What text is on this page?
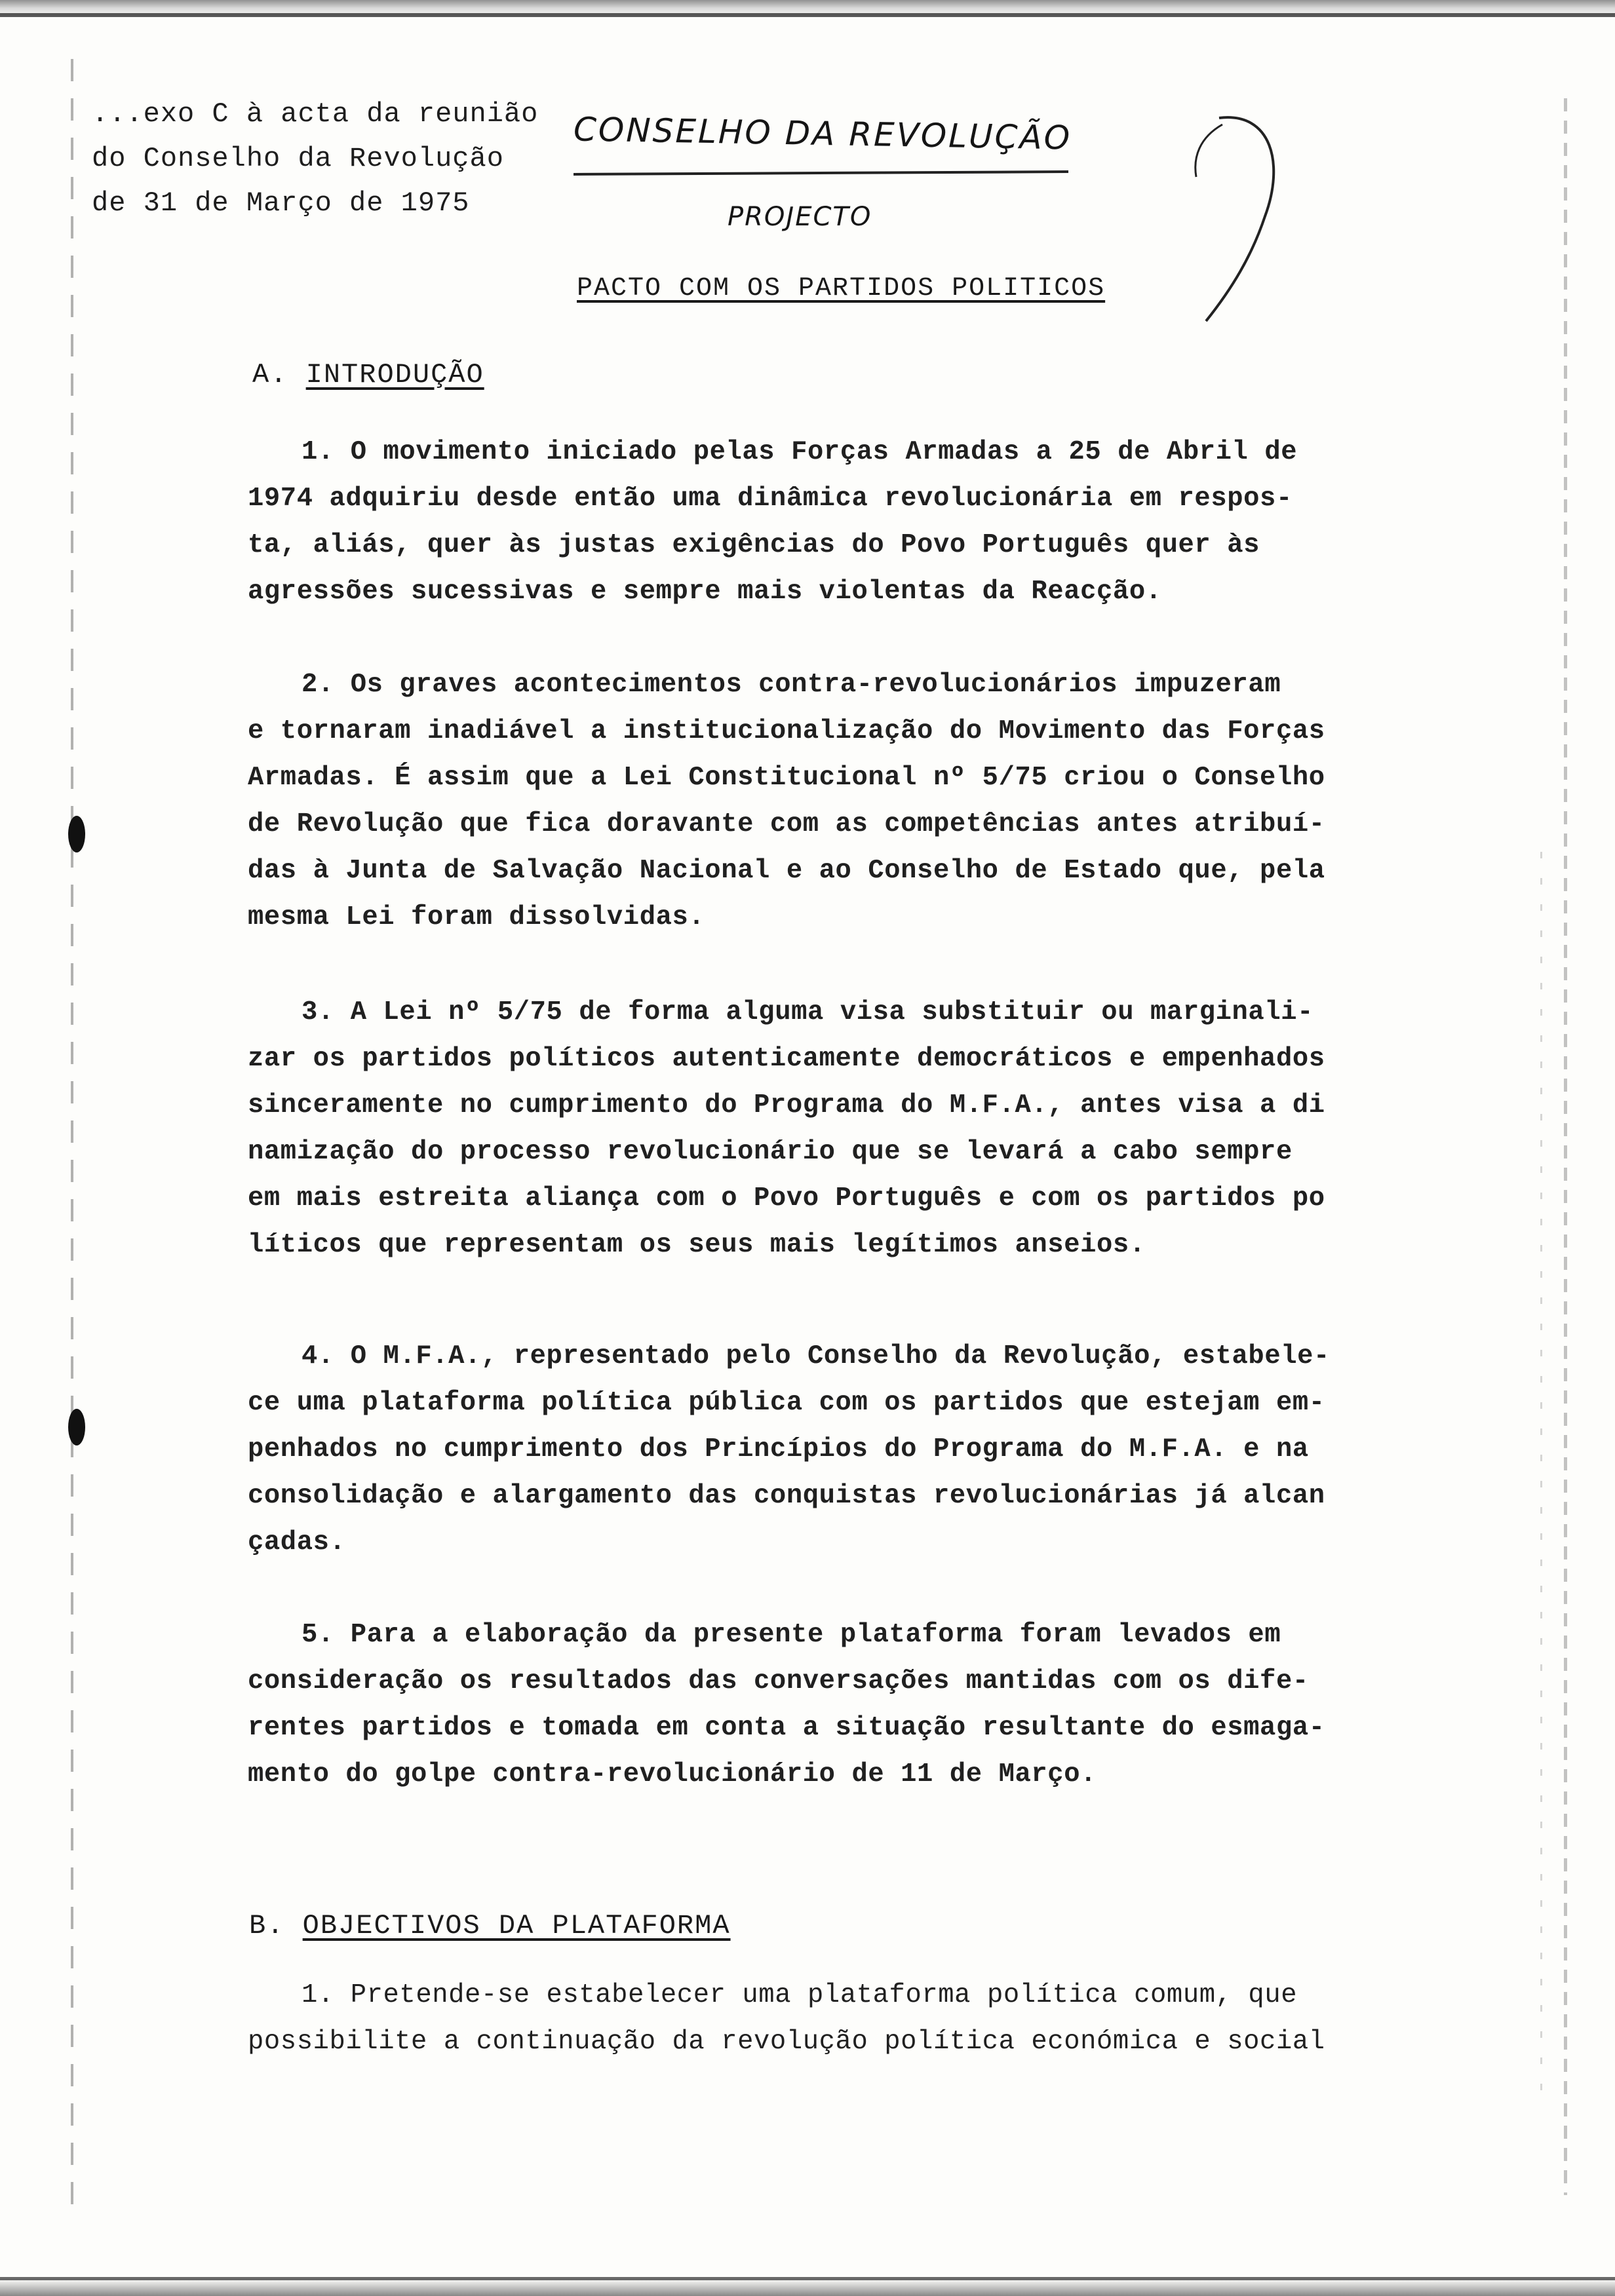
...exo C à acta da reunião
do Conselho da Revolução
de 31 de Março de 1975
CONSELHO DA REVOLUÇÃO
PROJECTO
PACTO COM OS PARTIDOS POLITICOS
A. INTRODUÇÃO
1. O movimento iniciado pelas Forças Armadas a 25 de Abril de
1974 adquiriu desde então uma dinâmica revolucionária em respos-
ta, aliás, quer às justas exigências do Povo Português quer às
agressões sucessivas e sempre mais violentas da Reacção.
2. Os graves acontecimentos contra-revolucionários impuzeram
e tornaram inadiável a institucionalização do Movimento das Forças
Armadas. É assim que a Lei Constitucional nº 5/75 criou o Conselho
de Revolução que fica doravante com as competências antes atribuí-
das à Junta de Salvação Nacional e ao Conselho de Estado que, pela
mesma Lei foram dissolvidas.
3. A Lei nº 5/75 de forma alguma visa substituir ou marginali-
zar os partidos políticos autenticamente democráticos e empenhados
sinceramente no cumprimento do Programa do M.F.A., antes visa a di
namização do processo revolucionário que se levará a cabo sempre
em mais estreita aliança com o Povo Português e com os partidos po
líticos que representam os seus mais legítimos anseios.
4. O M.F.A., representado pelo Conselho da Revolução, estabele-
ce uma plataforma política pública com os partidos que estejam em-
penhados no cumprimento dos Princípios do Programa do M.F.A. e na
consolidação e alargamento das conquistas revolucionárias já alcan
çadas.
5. Para a elaboração da presente plataforma foram levados em
consideração os resultados das conversações mantidas com os dife-
rentes partidos e tomada em conta a situação resultante do esmaga-
mento do golpe contra-revolucionário de 11 de Março.
B. OBJECTIVOS DA PLATAFORMA
1. Pretende-se estabelecer uma plataforma política comum, que
possibilite a continuação da revolução política económica e social
